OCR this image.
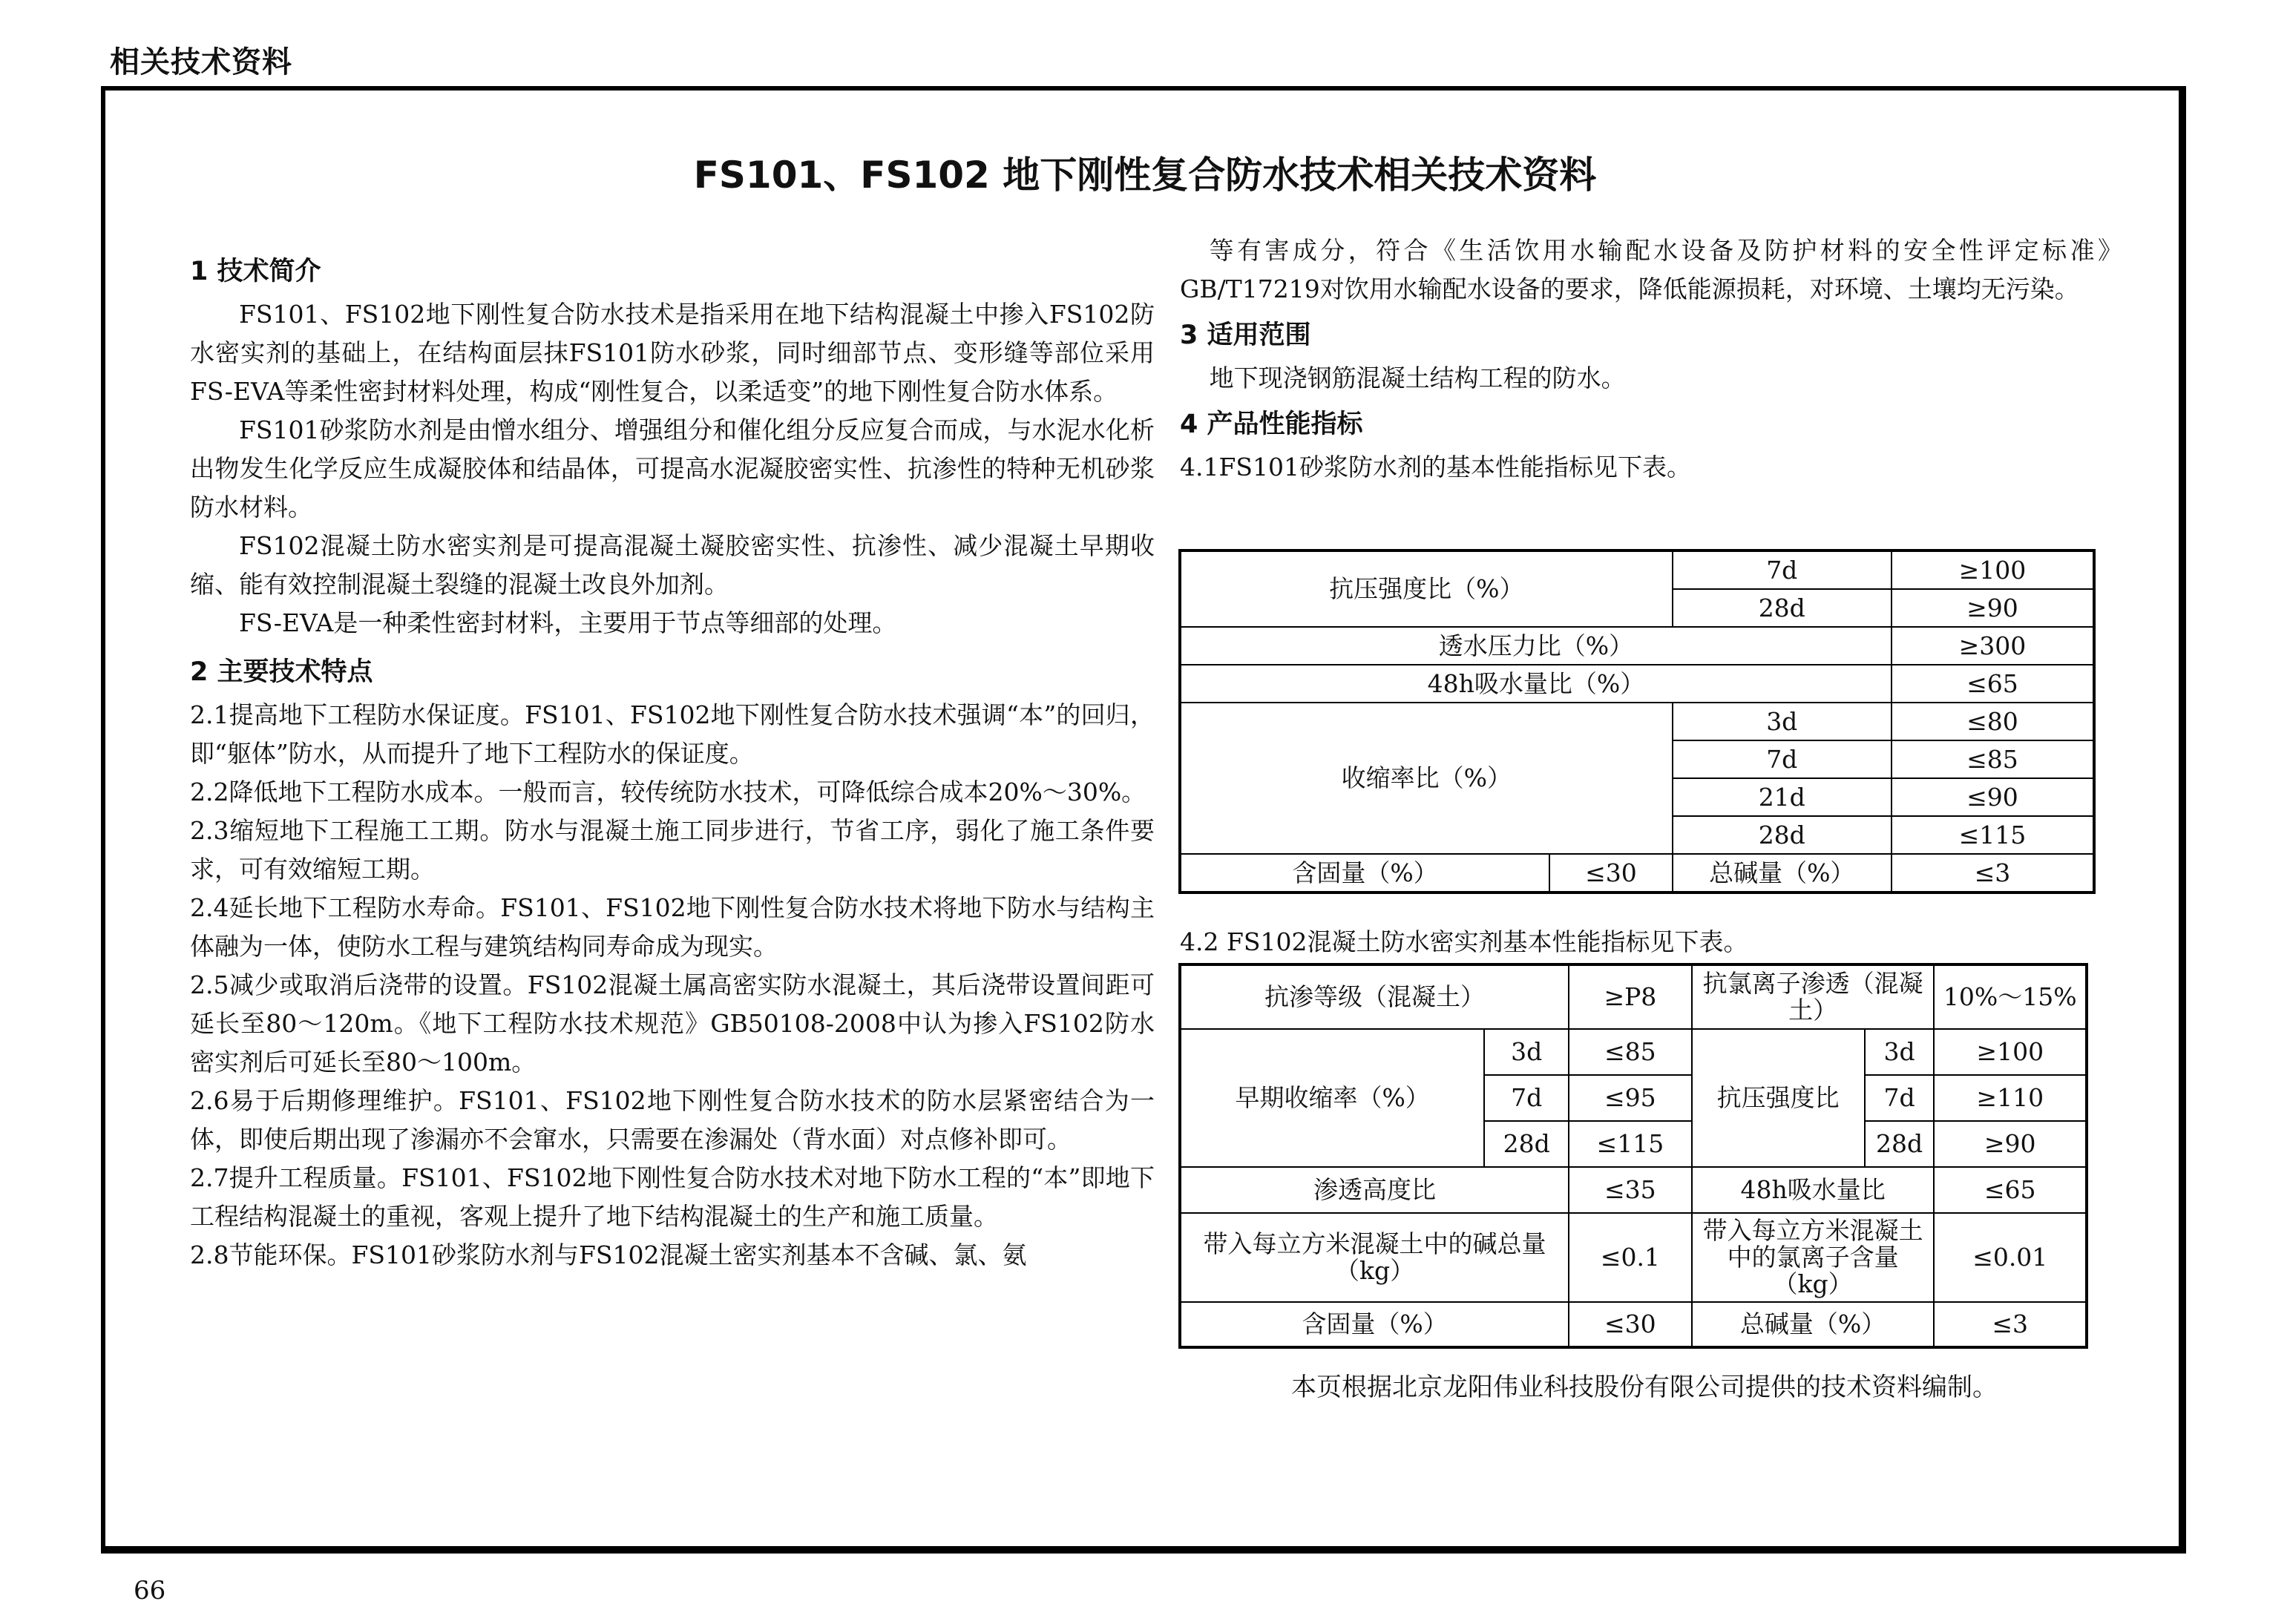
相关技术资料
FS101、FS102 地下刚性复合防水技术相关技术资料
1 技术简介

FS101、FS102地下刚性复合防水技术是指采用在地下结构混凝土中掺入FS102防水密实剂的基础上，在结构面层抹FS101防水砂浆，同时细部节点、变形缝等部位采用FS-EVA等柔性密封材料处理，构成“刚性复合，以柔适变”的地下刚性复合防水体系。

FS101砂浆防水剂是由憎水组分、增强组分和催化组分反应复合而成，与水泥水化析出物发生化学反应生成凝胶体和结晶体，可提高水泥凝胶密实性、抗渗性的特种无机砂浆防水材料。

FS102混凝土防水密实剂是可提高混凝土凝胶密实性、抗渗性、减少混凝土早期收缩、能有效控制混凝土裂缝的混凝土改良外加剂。

FS-EVA是一种柔性密封材料，主要用于节点等细部的处理。

2 主要技术特点

2.1提高地下工程防水保证度。FS101、FS102地下刚性复合防水技术强调“本”的回归，即“躯体”防水，从而提升了地下工程防水的保证度。

2.2降低地下工程防水成本。一般而言，较传统防水技术，可降低综合成本20%～30%。

2.3缩短地下工程施工工期。防水与混凝土施工同步进行，节省工序，弱化了施工条件要求，可有效缩短工期。

2.4延长地下工程防水寿命。FS101、FS102地下刚性复合防水技术将地下防水与结构主体融为一体，使防水工程与建筑结构同寿命成为现实。

2.5减少或取消后浇带的设置。FS102混凝土属高密实防水混凝土，其后浇带设置间距可延长至80～120m。《地下工程防水技术规范》GB50108-2008中认为掺入FS102防水密实剂后可延长至80～100m。

2.6易于后期修理维护。FS101、FS102地下刚性复合防水技术的防水层紧密结合为一体，即使后期出现了渗漏亦不会窜水，只需要在渗漏处（背水面）对点修补即可。

2.7提升工程质量。FS101、FS102地下刚性复合防水技术对地下防水工程的“本”即地下工程结构混凝土的重视，客观上提升了地下结构混凝土的生产和施工质量。

2.8节能环保。FS101砂浆防水剂与FS102混凝土密实剂基本不含碱、氯、氨

等有害成分，符合《生活饮用水输配水设备及防护材料的安全性评定标准》GB/T17219对饮用水输配水设备的要求，降低能源损耗，对环境、土壤均无污染。

3 适用范围

地下现浇钢筋混凝土结构工程的防水。

4 产品性能指标

4.1FS101砂浆防水剂的基本性能指标见下表。

抗压强度比（%）		7d	≥100
		28d	≥90
透水压力比（%）			≥300
48h吸水量比（%）			≤65
收缩率比（%）		3d	≤80
		7d	≤85
		21d	≤90
		28d	≤115
含固量（%）	≤30	总碱量（%）	≤3
4.2 FS102混凝土防水密实剂基本性能指标见下表。
抗渗等级（混凝土）		≥P8	抗氯离子渗透（混凝土）		10%～15%
早期收缩率（%）	3d	≤85	抗压强度比	3d	≥100
	7d	≤95		7d	≥110
	28d	≤115		28d	≥90
渗透高度比		≤35	48h吸水量比		≤65
带入每立方米混凝土中的碱总量（kg）		≤0.1	带入每立方米混凝土中的氯离子含量（kg）		≤0.01
含固量（%）		≤30	总碱量（%）		≤3
本页根据北京龙阳伟业科技股份有限公司提供的技术资料编制。
66
